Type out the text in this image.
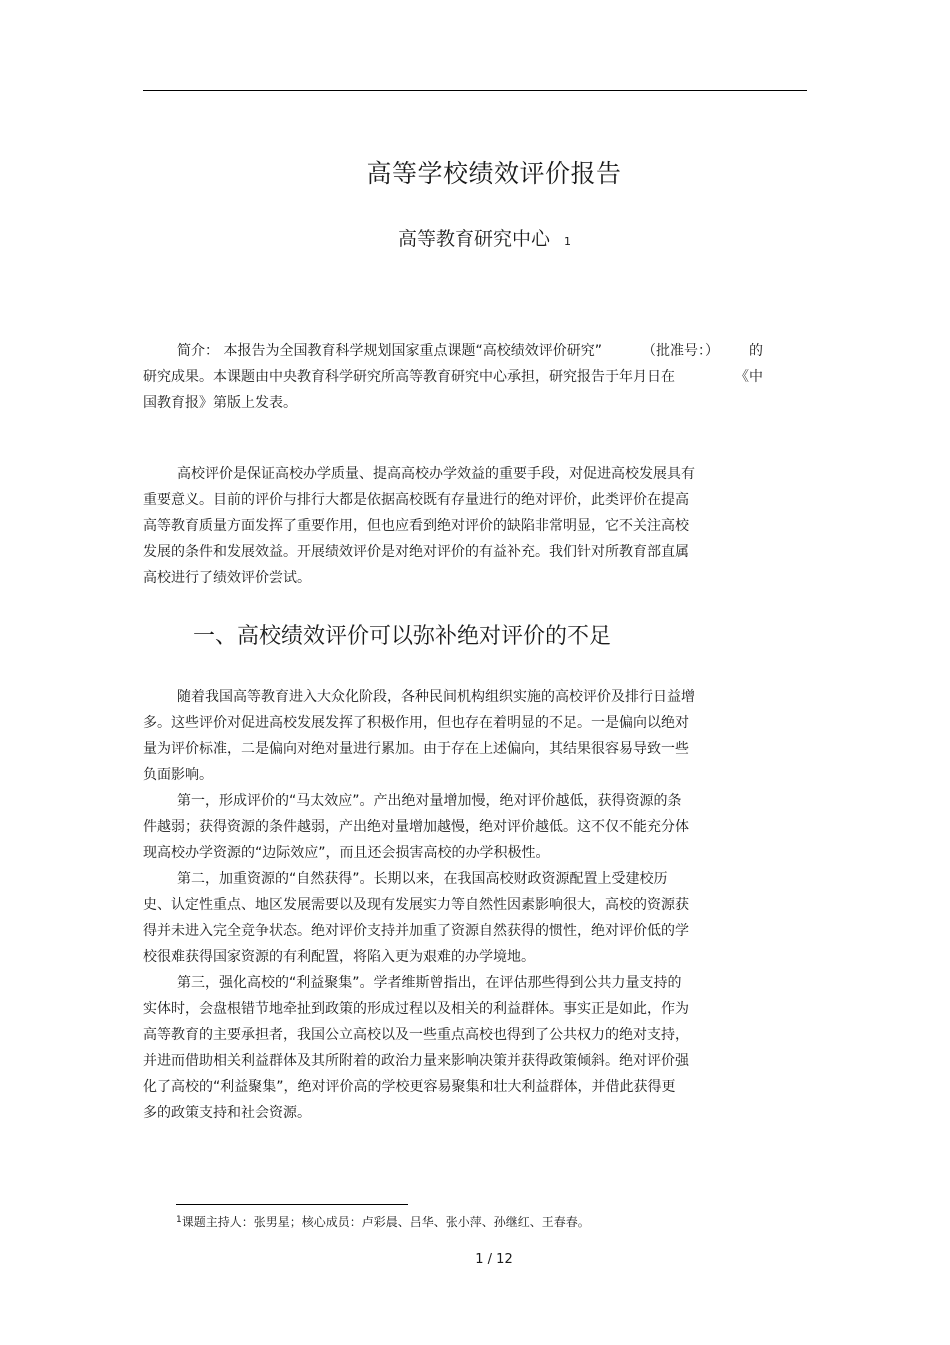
高等学校绩效评价报告
高等教育研究中心 1
简介： 本报告为全国教育科学规划国家重点课题“高校绩效评价研究”	（批准号：） 的
研究成果。本课题由中央教育科学研究所高等教育研究中心承担，研究报告于年月日在	《中
国教育报》第版上发表。
高校评价是保证高校办学质量、提高高校办学效益的重要手段，对促进高校发展具有
重要意义。目前的评价与排行大都是依据高校既有存量进行的绝对评价，此类评价在提高
高等教育质量方面发挥了重要作用，但也应看到绝对评价的缺陷非常明显，它不关注高校
发展的条件和发展效益。开展绩效评价是对绝对评价的有益补充。我们针对所教育部直属
高校进行了绩效评价尝试。
一、高校绩效评价可以弥补绝对评价的不足
随着我国高等教育进入大众化阶段，各种民间机构组织实施的高校评价及排行日益增
多。这些评价对促进高校发展发挥了积极作用，但也存在着明显的不足。一是偏向以绝对
量为评价标准，二是偏向对绝对量进行累加。由于存在上述偏向，其结果很容易导致一些
负面影响。
第一，形成评价的“马太效应”。产出绝对量增加慢，绝对评价越低，获得资源的条
件越弱；获得资源的条件越弱，产出绝对量增加越慢，绝对评价越低。这不仅不能充分体
现高校办学资源的“边际效应”，而且还会损害高校的办学积极性。
第二，加重资源的“自然获得”。长期以来，在我国高校财政资源配置上受建校历
史、认定性重点、地区发展需要以及现有发展实力等自然性因素影响很大，高校的资源获
得并未进入完全竞争状态。绝对评价支持并加重了资源自然获得的惯性，绝对评价低的学
校很难获得国家资源的有利配置，将陷入更为艰难的办学境地。
第三，强化高校的“利益聚集”。学者维斯曾指出，在评估那些得到公共力量支持的
实体时，会盘根错节地牵扯到政策的形成过程以及相关的利益群体。事实正是如此，作为
高等教育的主要承担者，我国公立高校以及一些重点高校也得到了公共权力的绝对支持，
并进而借助相关利益群体及其所附着的政治力量来影响决策并获得政策倾斜。绝对评价强
化了高校的“利益聚集”，绝对评价高的学校更容易聚集和壮大利益群体，并借此获得更
多的政策支持和社会资源。
$^1$课题主持人：张男星；核心成员：卢彩晨、吕华、张小萍、孙继红、王春春。
1 / 12
